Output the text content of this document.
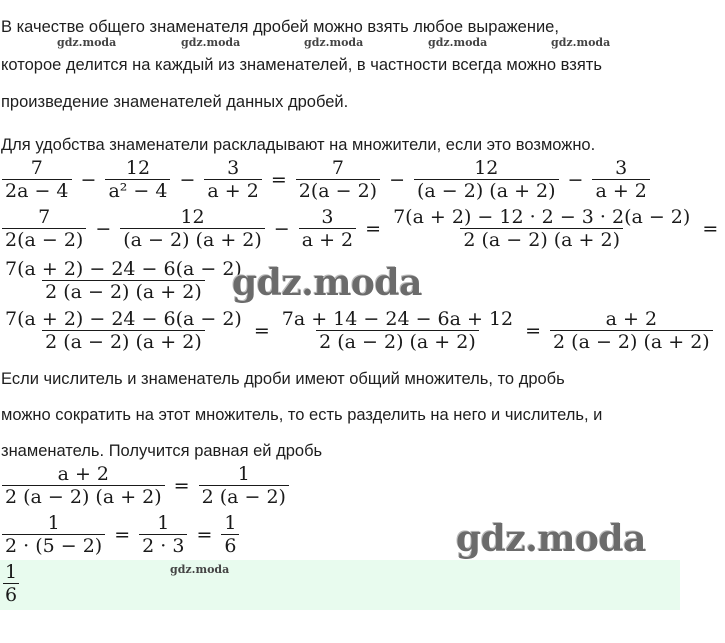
В качестве общего знаменателя дробей можно взять любое выражение,
gdz.moda	gdz.moda	gdz.moda	gdz.moda	gdz.moda
которое делится на каждый из знаменателей, в частности всегда можно взять
произведение знаменателей данных дробей.
Для удобства знаменатели раскладывают на множители, если это возможно.
$\frac{7}{2a - 4} - \frac{12}{\text{a² − 4}} - \frac{3}{a + 2} = \frac{7}{2(a - 2)} - \frac{12}{(a - 2) (a + 2)} - \frac{3}{a + 2}$
$\frac{7}{2(a - 2)} - \frac{12}{(a - 2) (a + 2)} - \frac{3}{a + 2} = \frac{7(a + 2) - 12 \cdot 2 - 3 \cdot 2(a - 2)}{2 (a - 2) (a + 2)}$ =
$\frac{7(a + 2) - 24 - 6(a - 2)}{2 (a - 2) (a + 2)}$
gdz.moda
$\frac{7(a + 2) - 24 - 6(a - 2)}{2 (a - 2) (a + 2)} = \frac{7a + 14 - 24 - 6a + 12}{2 (a - 2) (a + 2)} = \frac{a + 2}{2 (a - 2) (a + 2)}$
Если числитель и знаменатель дроби имеют общий множитель, то дробь
можно сократить на этот множитель, то есть разделить на него и числитель, и
знаменатель. Получится равная ей дробь
$\frac{a + 2}{2 (a - 2) (a + 2)} = \frac{1}{2 (a - 2)}$
$\frac{1}{2 \cdot (5 - 2)} = \frac{1}{2 \cdot 3} = \frac{1}{6}$	gdz.moda
gdz.moda
$\frac{1}{6}$
